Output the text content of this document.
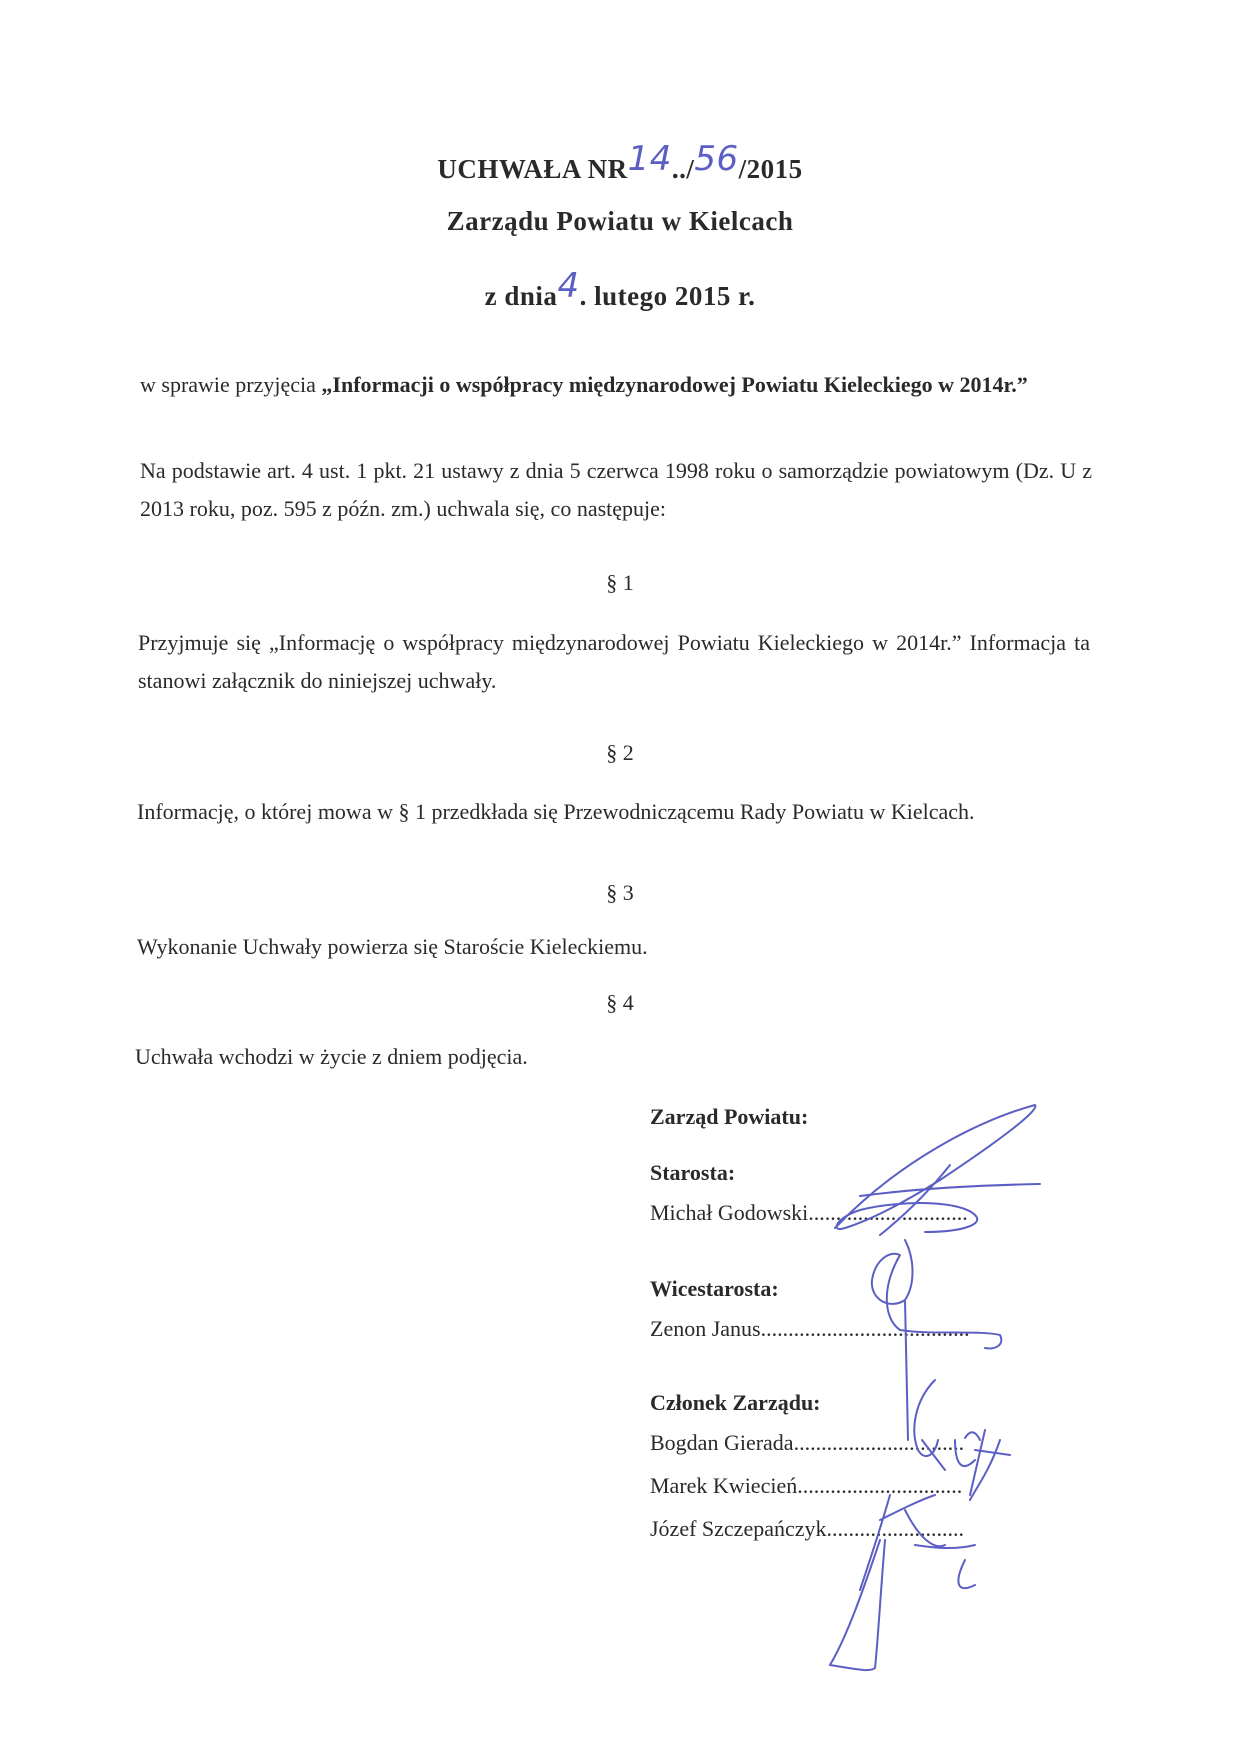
UCHWAŁA NR14../56/2015
Zarządu Powiatu w Kielcach
z dnia4. lutego 2015 r.
w sprawie przyjęcia „Informacji o współpracy międzynarodowej Powiatu Kieleckiego w 2014r.”
Na podstawie art. 4 ust. 1 pkt. 21 ustawy z dnia 5 czerwca 1998 roku o samorządzie powiatowym (Dz. U z 2013 roku, poz. 595 z późn. zm.) uchwala się, co następuje:
§ 1
Przyjmuje się „Informację o współpracy międzynarodowej Powiatu Kieleckiego w 2014r.” Informacja ta stanowi załącznik do niniejszej uchwały.
§ 2
Informację, o której mowa w § 1 przedkłada się Przewodniczącemu Rady Powiatu w Kielcach.
§ 3
Wykonanie Uchwały powierza się Staroście Kieleckiemu.
§ 4
Uchwała wchodzi w życie z dniem podjęcia.
Zarząd Powiatu:
Starosta:
Michał Godowski.............................
Wicestarosta:
Zenon Janus......................................
Członek Zarządu:
Bogdan Gierada...............................
Marek Kwiecień..............................
Józef Szczepańczyk.........................
